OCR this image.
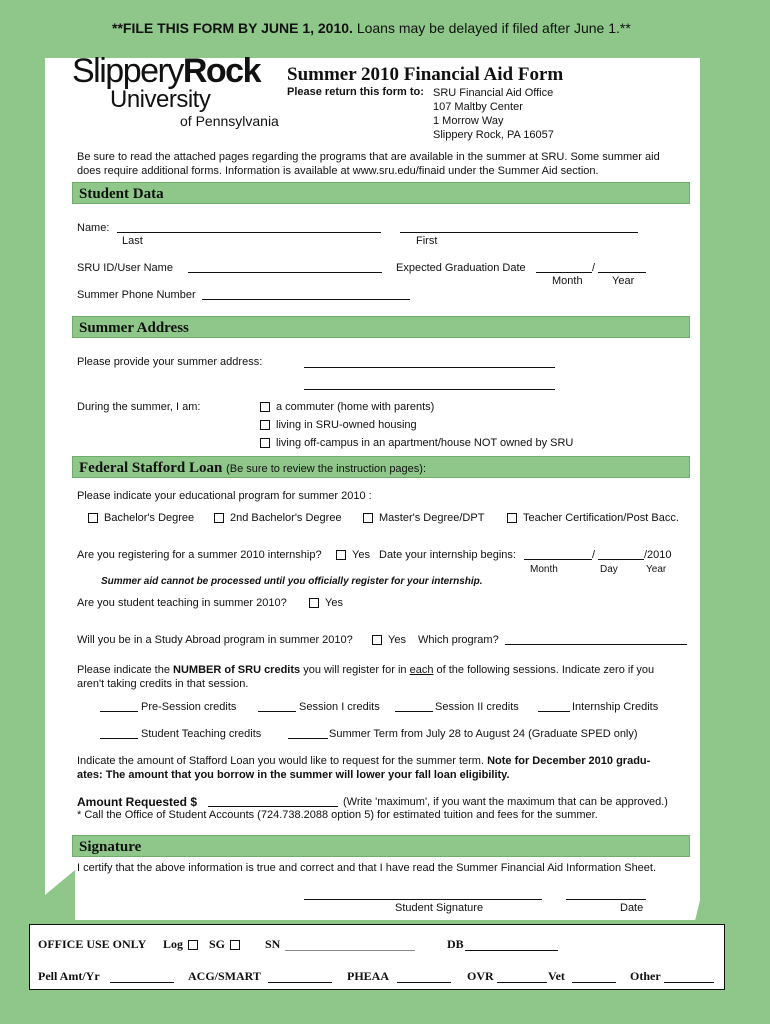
**FILE THIS FORM BY JUNE 1, 2010. Loans may be delayed if filed after June 1.**
SlipperyRock
University
of Pennsylvania
Summer 2010 Financial Aid Form
Please return this form to: SRU Financial Aid Office
107 Maltby Center
1 Morrow Way
Slippery Rock, PA 16057
Be sure to read the attached pages regarding the programs that are available in the summer at SRU. Some summer aid
does require additional forms. Information is available at www.sru.edu/finaid under the Summer Aid section.
Student Data
Name:
Last	First
SRU ID/User Name	Expected Graduation Date	/
Month	Year
Summer Phone Number
Summer Address
Please provide your summer address:
During the summer, I am:	a commuter (home with parents)
living in SRU-owned housing
living off-campus in an apartment/house NOT owned by SRU
Federal Stafford Loan (Be sure to review the instruction pages):
Please indicate your educational program for summer 2010 :
Bachelor's Degree	2nd Bachelor's Degree	Master's Degree/DPT	Teacher Certification/Post Bacc.
Are you registering for a summer 2010 internship?	Yes Date your internship begins:	/	/2010
Month	Day	Year
Summer aid cannot be processed until you officially register for your internship.
Are you student teaching in summer 2010?	Yes
Will you be in a Study Abroad program in summer 2010?	Yes Which program?
Please indicate the NUMBER of SRU credits you will register for in each of the following sessions. Indicate zero if you
aren't taking credits in that session.
Pre-Session credits	Session I credits	Session II credits	Internship Credits
Student Teaching credits	Summer Term from July 28 to August 24 (Graduate SPED only)
Indicate the amount of Stafford Loan you would like to request for the summer term. Note for December 2010 gradu-
ates: The amount that you borrow in the summer will lower your fall loan eligibility.
Amount Requested $	(Write 'maximum', if you want the maximum that can be approved.)
* Call the Office of Student Accounts (724.738.2088 option 5) for estimated tuition and fees for the summer.
Signature
I certify that the above information is true and correct and that I have read the Summer Financial Aid Information Sheet.
Student Signature	Date
OFFICE USE ONLY Log	SG	SN	DB
Pell Amt/Yr	ACG/SMART	PHEAA	OVR	Vet	Other
